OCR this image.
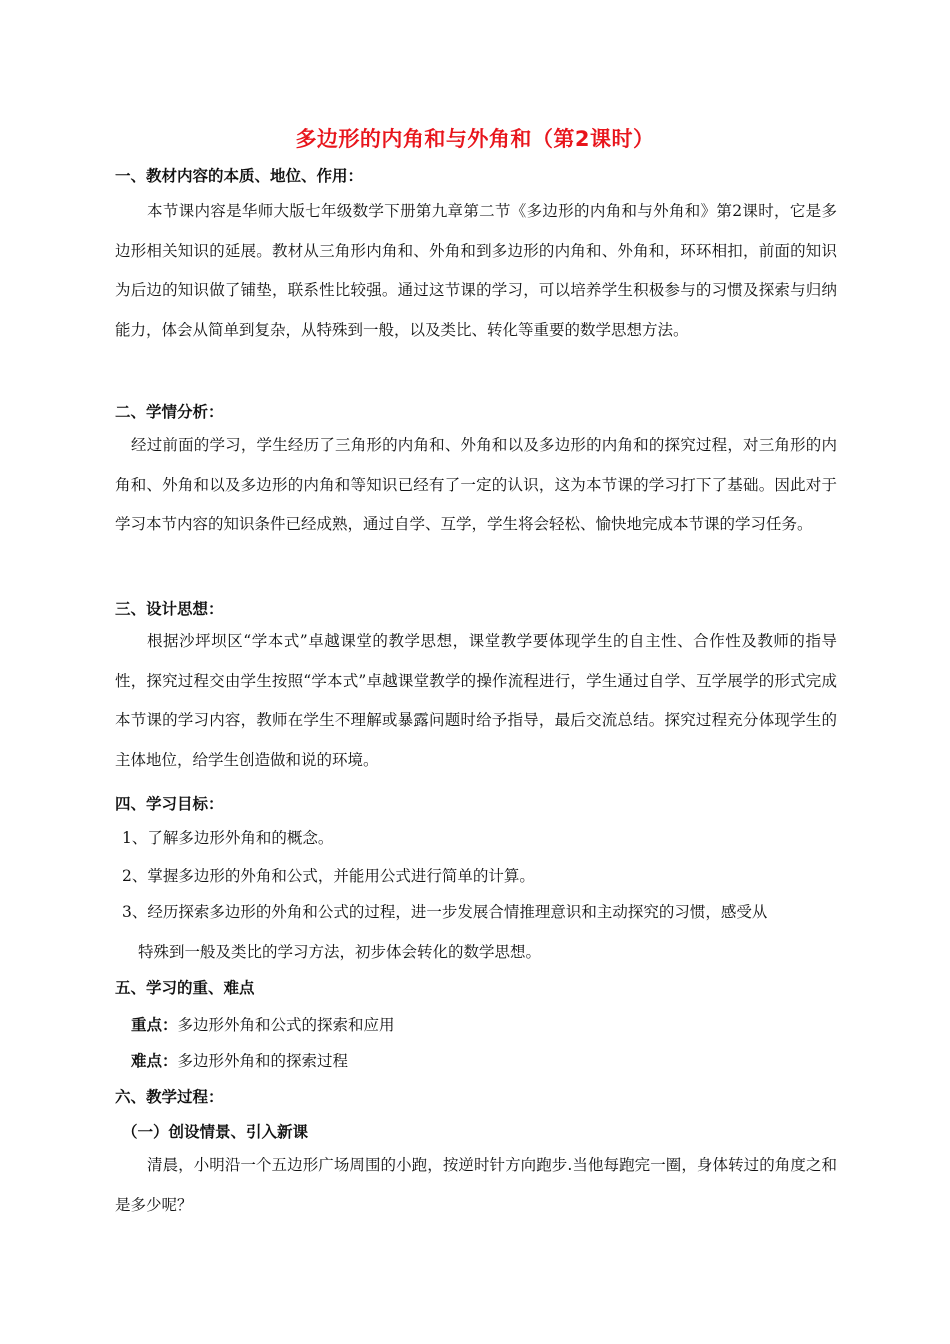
多边形的内角和与外角和（第2课时）
一、教材内容的本质、地位、作用：

本节课内容是华师大版七年级数学下册第九章第二节《多边形的内角和与外角和》第2课时，它是多边形相关知识的延展。教材从三角形内角和、外角和到多边形的内角和、外角和，环环相扣，前面的知识为后边的知识做了铺垫，联系性比较强。通过这节课的学习，可以培养学生积极参与的习惯及探索与归纳能力，体会从简单到复杂，从特殊到一般，以及类比、转化等重要的数学思想方法。

二、学情分析：

经过前面的学习，学生经历了三角形的内角和、外角和以及多边形的内角和的探究过程，对三角形的内角和、外角和以及多边形的内角和等知识已经有了一定的认识，这为本节课的学习打下了基础。因此对于学习本节内容的知识条件已经成熟，通过自学、互学，学生将会轻松、愉快地完成本节课的学习任务。

三、设计思想：

根据沙坪坝区“学本式”卓越课堂的教学思想，课堂教学要体现学生的自主性、合作性及教师的指导性，探究过程交由学生按照“学本式”卓越课堂教学的操作流程进行，学生通过自学、互学展学的形式完成本节课的学习内容，教师在学生不理解或暴露问题时给予指导，最后交流总结。探究过程充分体现学生的主体地位，给学生创造做和说的环境。

四、学习目标：
1、了解多边形外角和的概念。
2、掌握多边形的外角和公式，并能用公式进行简单的计算。
3、经历探索多边形的外角和公式的过程，进一步发展合情推理意识和主动探究的习惯，感受从
特殊到一般及类比的学习方法，初步体会转化的数学思想。
五、学习的重、难点
重点：多边形外角和公式的探索和应用
难点：多边形外角和的探索过程
六、教学过程：
（一）创设情景、引入新课

清晨，小明沿一个五边形广场周围的小跑，按逆时针方向跑步.当他每跑完一圈，身体转过的角度之和是多少呢？
